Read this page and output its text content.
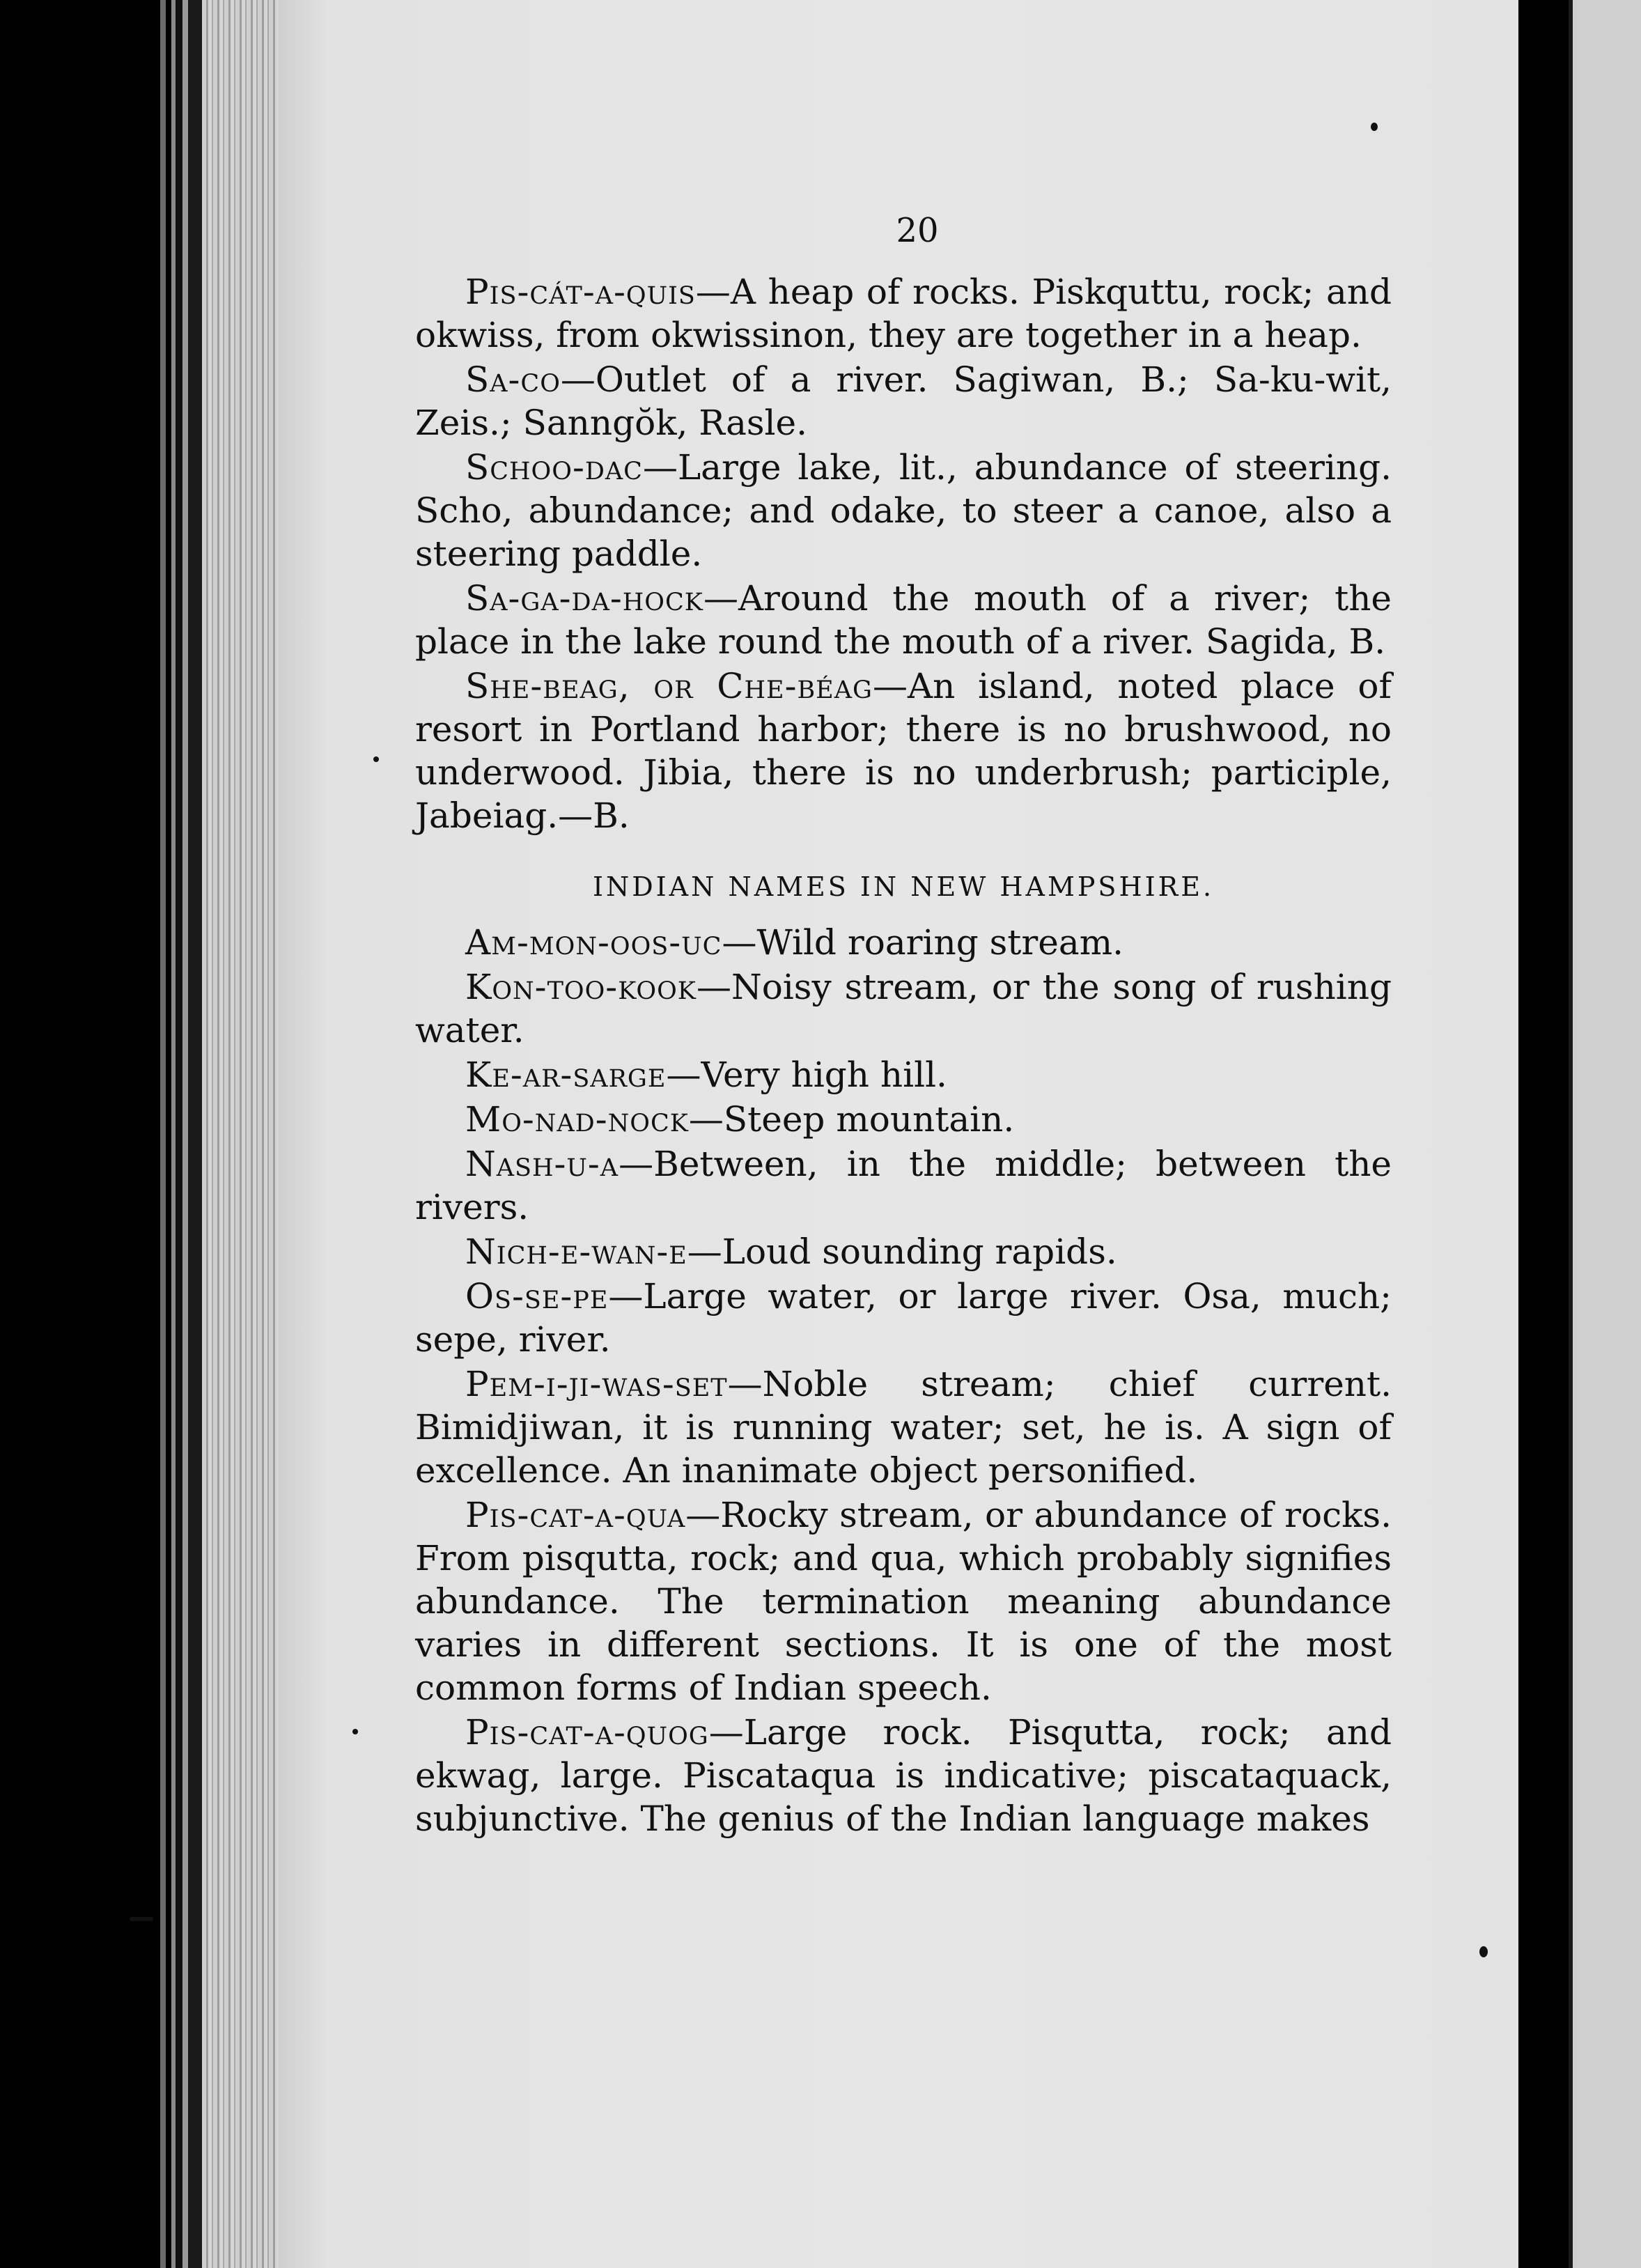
20

Pis-cát-a-quis—A heap of rocks. Piskquttu, rock; and okwiss, from okwissinon, they are together in a heap.

Sa-co—Outlet of a river. Sagiwan, B.; Sa-ku-wit, Zeis.; Sanngŏk, Rasle.

Schoo-dac—Large lake, lit., abundance of steering. Scho, abundance; and odake, to steer a canoe, also a steering paddle.

Sa-ga-da-hock—Around the mouth of a river; the place in the lake round the mouth of a river. Sagida, B.

She-beag, or Che-béag—An island, noted place of resort in Portland harbor; there is no brushwood, no underwood. Jibia, there is no underbrush; participle, Jabeiag.—B.

INDIAN NAMES IN NEW HAMPSHIRE.

Am-mon-oos-uc—Wild roaring stream.

Kon-too-kook—Noisy stream, or the song of rushing water.

Ke-ar-sarge—Very high hill.

Mo-nad-nock—Steep mountain.

Nash-u-a—Between, in the middle; between the rivers.

Nich-e-wan-e—Loud sounding rapids.

Os-se-pe—Large water, or large river. Osa, much; sepe, river.

Pem-i-ji-was-set—Noble stream; chief current. Bimidjiwan, it is running water; set, he is. A sign of excellence. An inanimate object personified.

Pis-cat-a-qua—Rocky stream, or abundance of rocks. From pisqutta, rock; and qua, which probably signifies abundance. The termination meaning abundance varies in different sections. It is one of the most common forms of Indian speech.

Pis-cat-a-quog—Large rock. Pisqutta, rock; and ekwag, large. Piscataqua is indicative; piscataquack, subjunctive. The genius of the Indian language makes
